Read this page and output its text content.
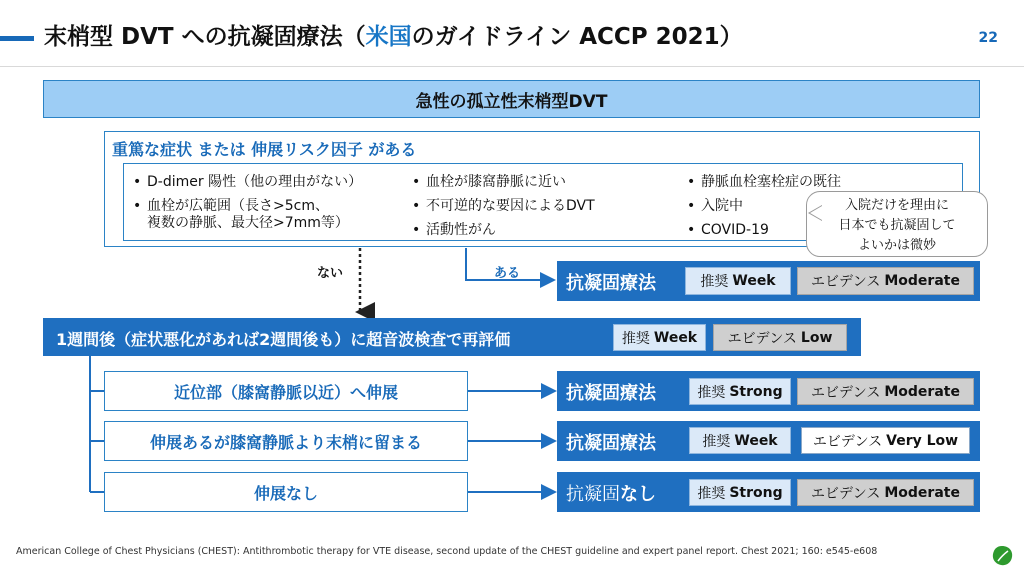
末梢型 DVT への抗凝固療法（米国のガイドライン ACCP 2021）	22
急性の孤立性末梢型DVT
重篤な症状 または 伸展リスク因子 がある
• D-dimer 陽性（他の理由がない）
• 血栓が広範囲（長さ>5cm、
複数の静脈、最大径>7mm等）
• 血栓が膝窩静脈に近い
• 不可逆的な要因によるDVT
• 活動性がん
• 静脈血栓塞栓症の既往
• 入院中
• COVID-19
入院だけを理由に
日本でも抗凝固して
よいかは微妙
ない	ある	抗凝固療法	推奨 Week	エビデンス Moderate
1週間後（症状悪化があれば2週間後も）に超音波検査で再評価	推奨 Week エビデンス Low
近位部（膝窩静脈以近）へ伸展	抗凝固療法	推奨 Strong エビデンス Moderate
伸展あるが膝窩静脈より末梢に留まる	抗凝固療法	推奨 Week	エビデンス Very Low
伸展なし	抗凝固なし	推奨 Strong エビデンス Moderate
American College of Chest Physicians (CHEST): Antithrombotic therapy for VTE disease, second update of the CHEST guideline and expert panel report. Chest 2021; 160: e545-e608
